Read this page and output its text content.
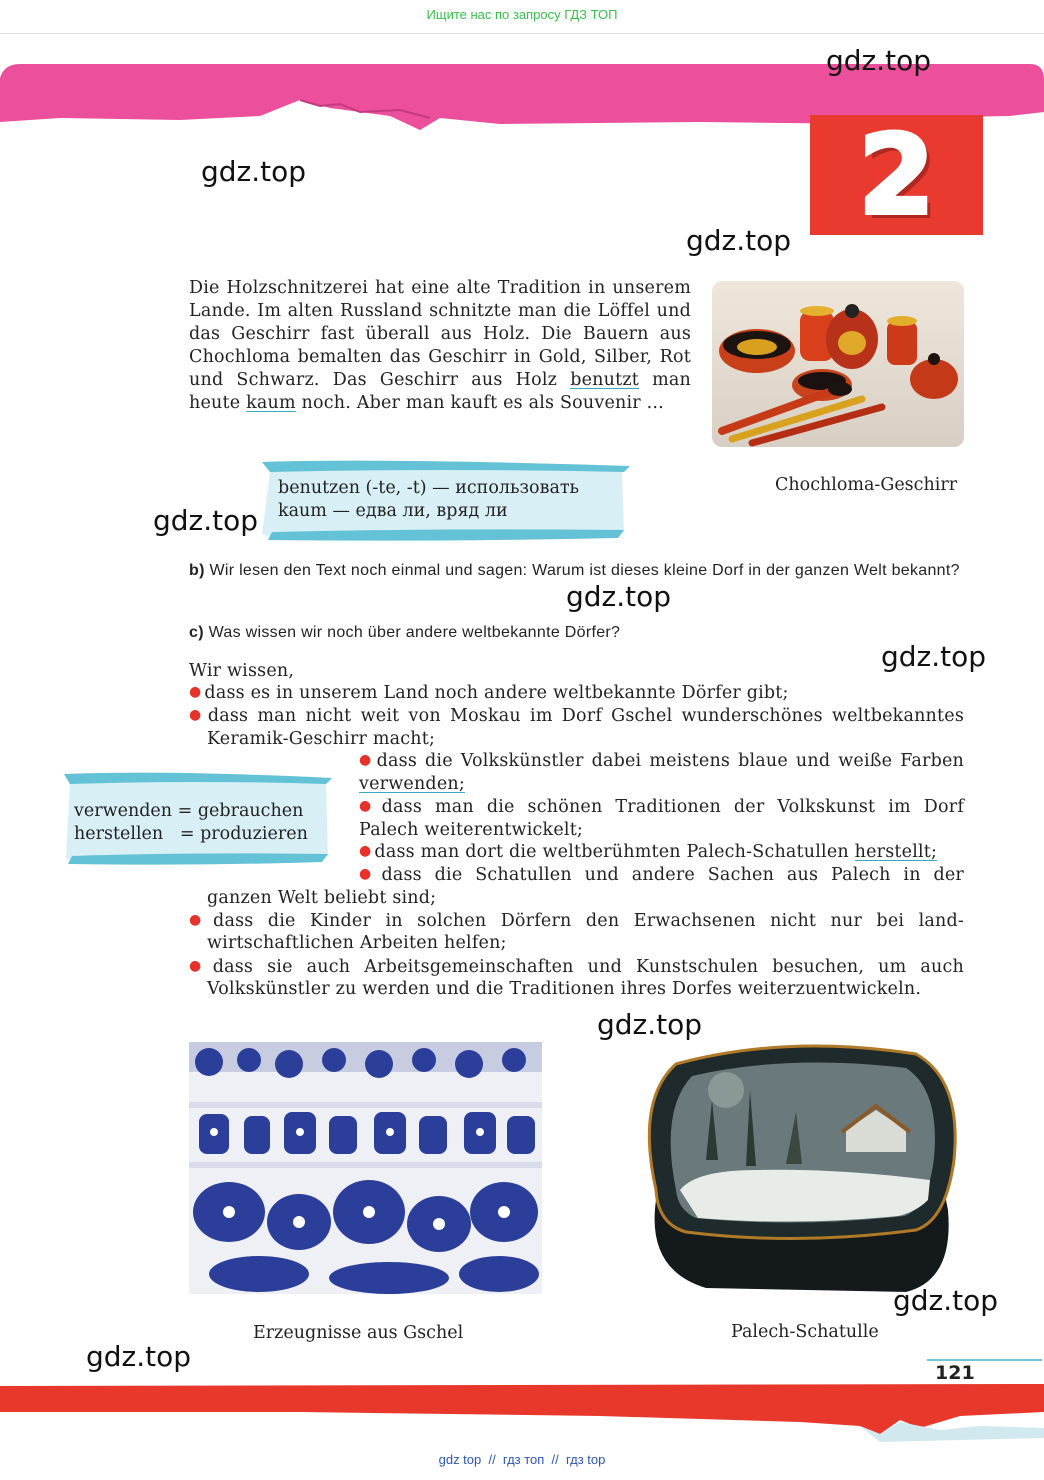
Ищите нас по запросу ГДЗ ТОП
2
gdz.top
gdz.top
gdz.top
gdz.top
gdz.top
gdz.top
gdz.top
gdz.top
gdz.top
Die Holzschnitzerei hat eine alte Tradition in unserem Lande. Im alten Russland schnitzte man die Löffel und das Geschirr fast überall aus Holz. Die Bauern aus Chochloma bemalten das Geschirr in Gold, Silber, Rot und Schwarz. Das Geschirr aus Holz benutzt man heute kaum noch. Aber man kauft es als Souvenir ...
Chochloma-Geschirr
benutzen (-te, -t) — использовать
kaum — едва ли, вряд ли
b) Wir lesen den Text noch einmal und sagen: Warum ist dieses kleine Dorf in der ganzen Welt bekannt?
c) Was wissen wir noch über andere weltbekannte Dörfer?
Wir wissen,
● dass es in unserem Land noch andere weltbekannte Dörfer gibt;
● dass man nicht weit von Moskau im Dorf Gschel wunderschönes weltbekanntes
Keramik-Geschirr macht;
● dass die Volkskünstler dabei meistens blaue und weiße Farben
verwenden;
● dass man die schönen Traditionen der Volkskunst im Dorf
Palech weiterentwickelt;
● dass man dort die weltberühmten Palech-Schatullen herstellt;
● dass die Schatullen und andere Sachen aus Palech in der
ganzen Welt beliebt sind;
● dass die Kinder in solchen Dörfern den Erwachsenen nicht nur bei land-
wirtschaftlichen Arbeiten helfen;
● dass sie auch Arbeitsgemeinschaften und Kunstschulen besuchen, um auch
Volkskünstler zu werden und die Traditionen ihres Dorfes weiterzuentwickeln.
verwenden = gebrauchen
herstellen   = produzieren
Erzeugnisse aus Gschel	Palech-Schatulle
121
gdz top  //  гдз топ  //  гдз top
